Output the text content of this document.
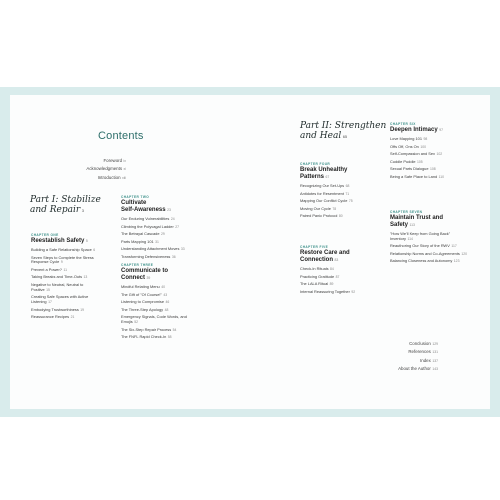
Contents
Foreword ix
Acknowledgments xi
Introduction xiii
Part I: Stabilize
and Repair 3
Part II: Strengthen
and Heal 65
CHAPTER ONE
Reestablish Safety 5
Building a Safe Relationship Space 6
Seven Steps to Complete the Stress Response Cycle 9
Prevent a Power? 11
Taking Breaks and Time-Outs 13
Negative to Neutral, Neutral to Positive 15
Creating Safe Spaces with Active Listening 17
Embodying Trustworthiness 19
Reassurance Recipes 21
CHAPTER TWO
Cultivate
Self-Awareness 23
Our Enduring Vulnerabilities 24
Climbing the Polyvagal Ladder 27
The Betrayal Cascade 29
Parts Mapping 101 31
Understanding Attachment Moves 33
Transforming Defensiveness 36
CHAPTER THREE
Communicate to
Connect 39
Mindful Relating Menu 40
The Gift of "Of Course!" 43
Listening to Compromise 46
The Three-Step Apology 48
Emergency Signals, Code Words, and Emojis 52
The Six-Step Repair Process 54
The FNFL Rapid Check-In 58
CHAPTER FOUR
Break Unhealthy
Patterns 67
Recognizing Our Set-Ups 68
Antidotes for Resentment 71
Mapping Our Conflict Cycle 75
Moving Our Cycle 78
Paired Panic Protocol 80
CHAPTER FIVE
Restore Care and
Connection 83
Check-In Rituals 84
Practicing Gratitude 87
The LALA Ritual 89
Internal Reassuring Together 92
CHAPTER SIX
Deepen Intimacy 97
Love Mapping 101 98
Offs Off, Ons On 100
Self-Compassion and Sex 102
Cuddle Puddle 105
Sexual Parts Dialogue 108
Being a Safe Place to Land 110
CHAPTER SEVEN
Maintain Trust and
Safety 113
"How We'll Keep from Going Back" Inventory 114
Reauthoring Our Story of the RWV 117
Relationship Norms and Co-Agreements 120
Balancing Closeness and Autonomy 123
Conclusion 129
References 131
Index 137
About the Author 143
